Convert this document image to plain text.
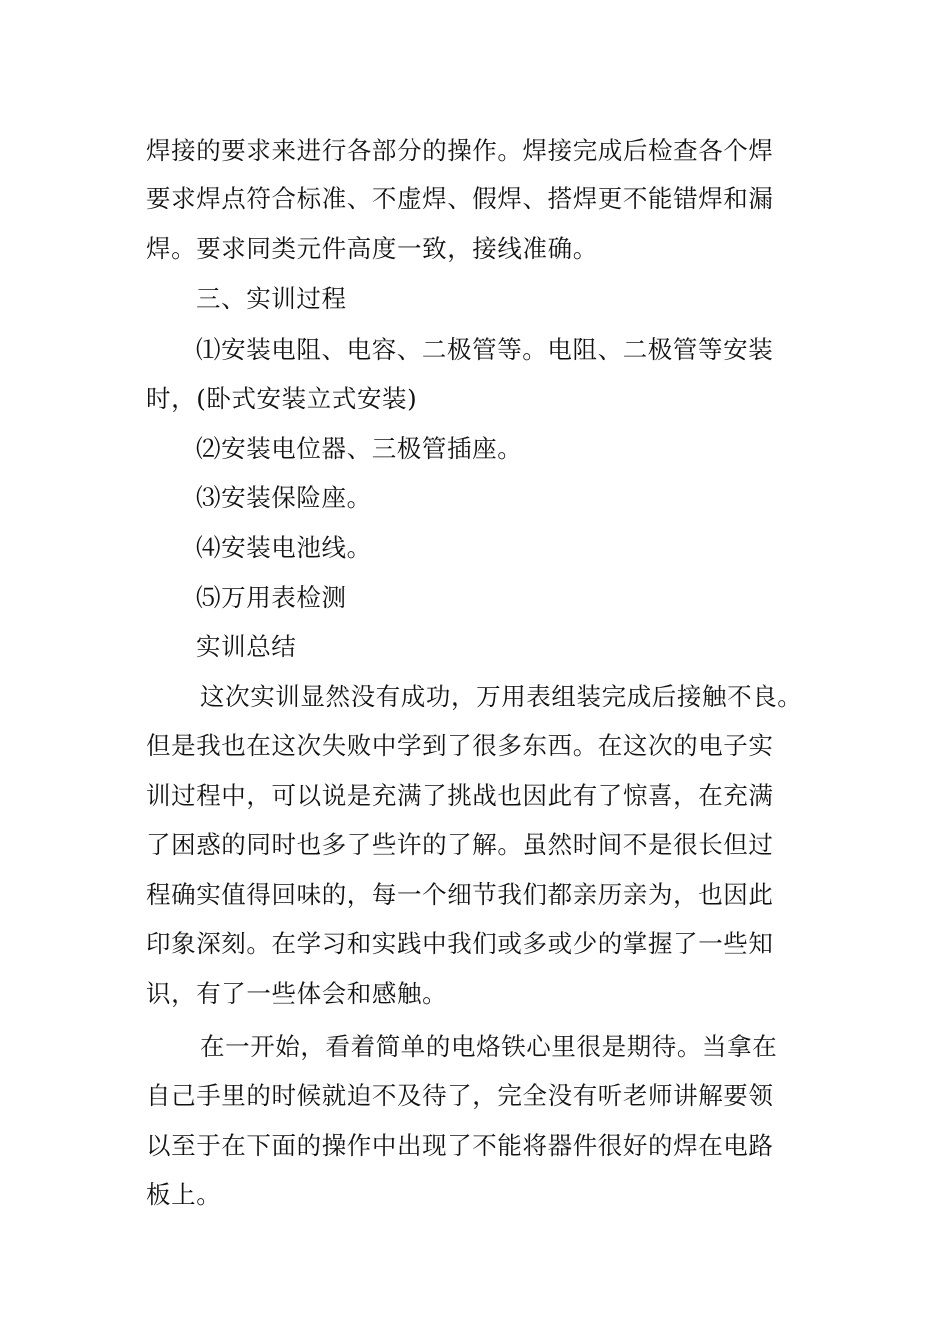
焊接的要求来进行各部分的操作。焊接完成后检查各个焊
要求焊点符合标准、不虚焊、假焊、搭焊更不能错焊和漏
焊。要求同类元件高度一致，接线准确。
三、实训过程
⑴安装电阻、电容、二极管等。电阻、二极管等安装
时，(卧式安装立式安装)
⑵安装电位器、三极管插座。
⑶安装保险座。
⑷安装电池线。
⑸万用表检测
实训总结
这次实训显然没有成功，万用表组装完成后接触不良。
但是我也在这次失败中学到了很多东西。在这次的电子实
训过程中，可以说是充满了挑战也因此有了惊喜，在充满
了困惑的同时也多了些许的了解。虽然时间不是很长但过
程确实值得回味的，每一个细节我们都亲历亲为，也因此
印象深刻。在学习和实践中我们或多或少的掌握了一些知
识，有了一些体会和感触。
在一开始，看着简单的电烙铁心里很是期待。当拿在
自己手里的时候就迫不及待了，完全没有听老师讲解要领
以至于在下面的操作中出现了不能将器件很好的焊在电路
板上。
